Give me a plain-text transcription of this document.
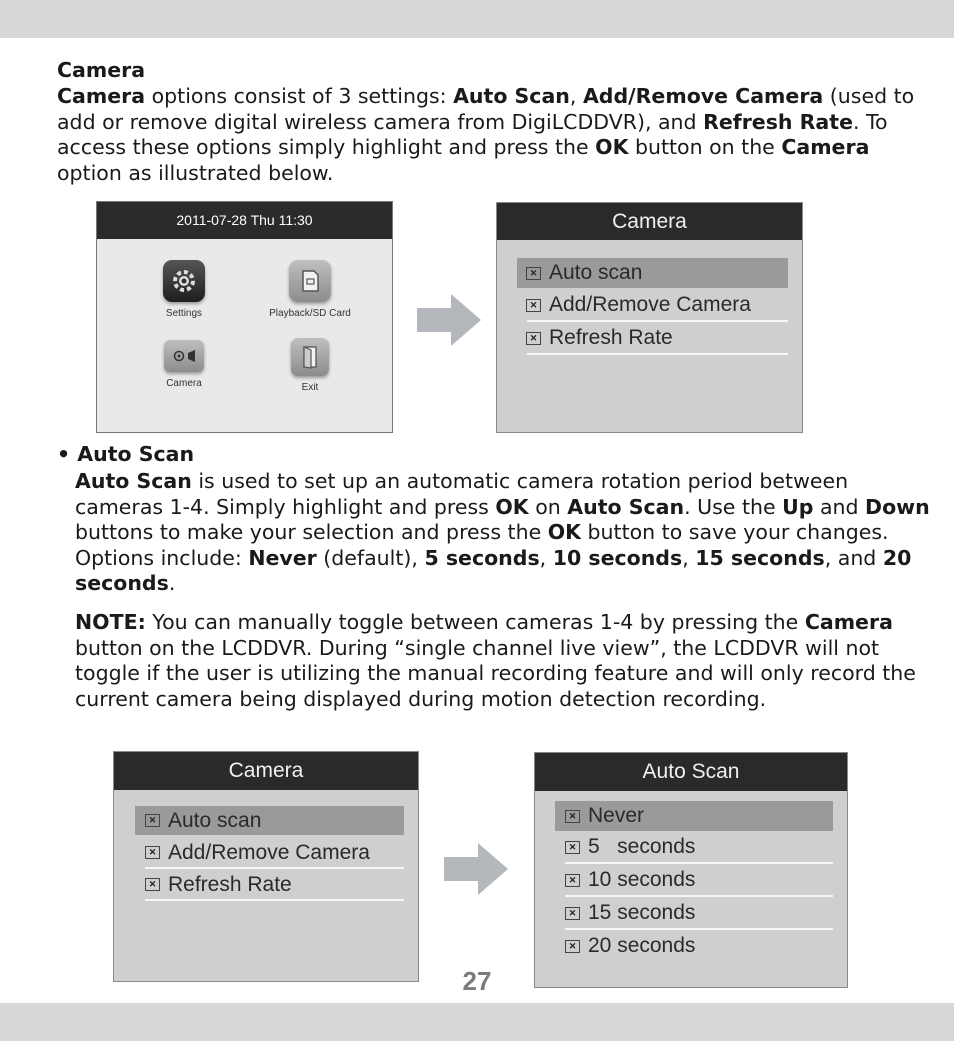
Camera

Camera options consist of 3 settings: Auto Scan, Add/Remove Camera (used to add or remove digital wireless camera from DigiLCDDVR), and Refresh Rate. To access these options simply highlight and press the OK button on the Camera option as illustrated below.

2011-07-28 Thu 11:30
Settings	Playback/SD Card
Camera	Exit
Camera
✕ Auto scan
✕ Add/Remove Camera
✕ Refresh Rate

• Auto Scan

Auto Scan is used to set up an automatic camera rotation period between cameras 1-4. Simply highlight and press OK on Auto Scan. Use the Up and Down buttons to make your selection and press the OK button to save your changes. Options include: Never (default), 5 seconds, 10 seconds, 15 seconds, and 20 seconds.

NOTE: You can manually toggle between cameras 1-4 by pressing the Camera button on the LCDDVR. During “single channel live view”, the LCDDVR will not toggle if the user is utilizing the manual recording feature and will only record the current camera being displayed during motion detection recording.

Camera
✕ Auto scan
✕ Add/Remove Camera
✕ Refresh Rate
Auto Scan
✕ Never
✕ 5   seconds
✕ 10 seconds
✕ 15 seconds
✕ 20 seconds
27
